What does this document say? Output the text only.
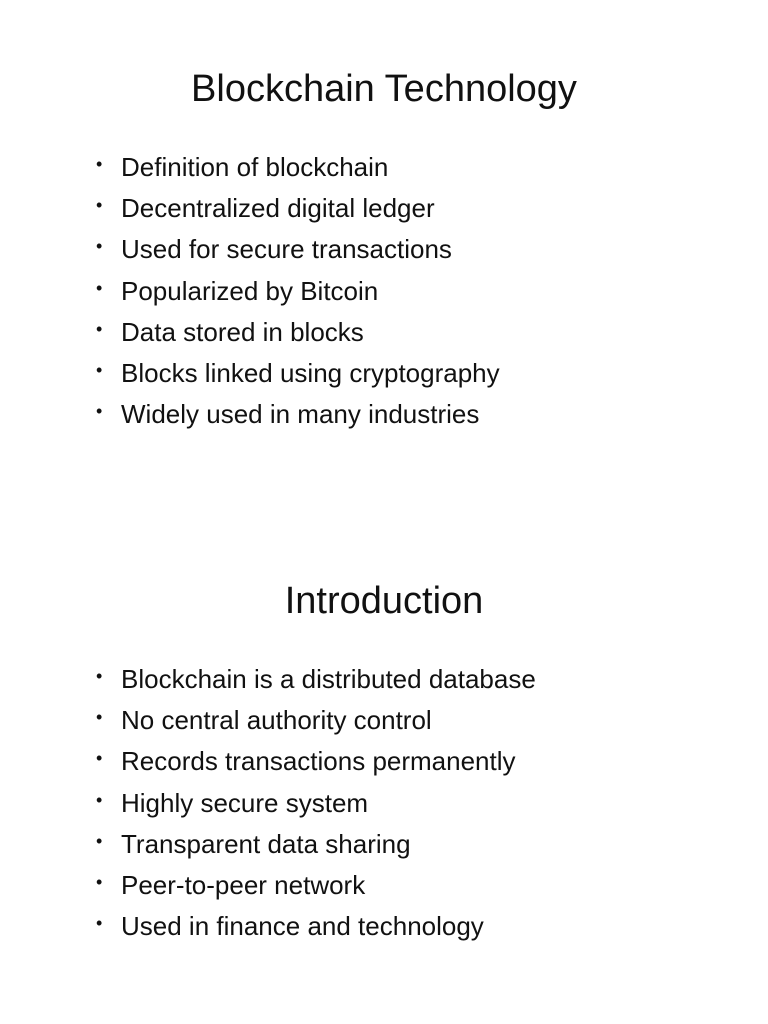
Blockchain Technology
• Definition of blockchain
• Decentralized digital ledger
• Used for secure transactions
• Popularized by Bitcoin
• Data stored in blocks
• Blocks linked using cryptography
• Widely used in many industries
Introduction
• Blockchain is a distributed database
• No central authority control
• Records transactions permanently
• Highly secure system
• Transparent data sharing
• Peer-to-peer network
• Used in finance and technology
